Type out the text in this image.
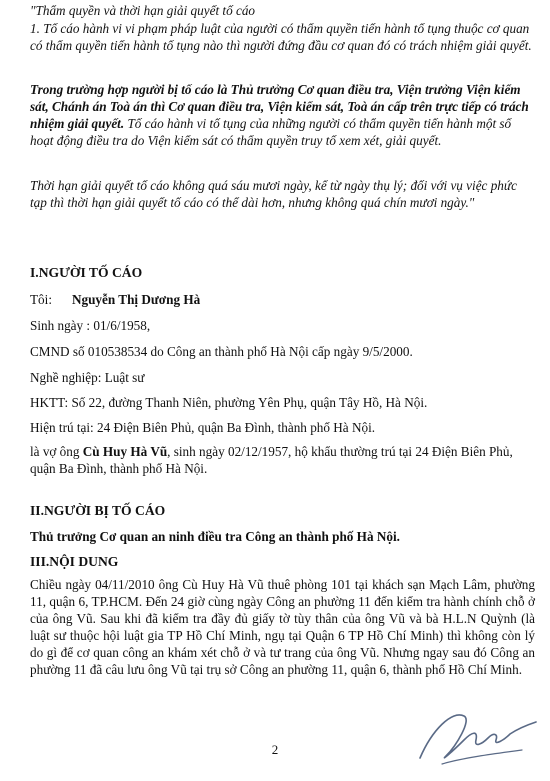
"Thẩm quyền và thời hạn giải quyết tố cáo

1. Tố cáo hành vi vi phạm pháp luật của người có thẩm quyền tiến hành tố tụng thuộc cơ quan có thẩm quyền tiến hành tố tụng nào thì người đứng đầu cơ quan đó có trách nhiệm giải quyết.

Trong trường hợp người bị tố cáo là Thủ trưởng Cơ quan điều tra, Viện trưởng Viện kiểm sát, Chánh án Toà án thì Cơ quan điều tra, Viện kiểm sát, Toà án cấp trên trực tiếp có trách nhiệm giải quyết. Tố cáo hành vi tố tụng của những người có thẩm quyền tiến hành một số hoạt động điều tra do Viện kiểm sát có thẩm quyền truy tố xem xét, giải quyết.

Thời hạn giải quyết tố cáo không quá sáu mươi ngày, kể từ ngày thụ lý; đối với vụ việc phức tạp thì thời hạn giải quyết tố cáo có thể dài hơn, nhưng không quá chín mươi ngày."

I.NGƯỜI TỐ CÁO

Tôi: Nguyễn Thị Dương Hà

Sinh ngày : 01/6/1958,

CMND số 010538534 do Công an thành phố Hà Nội cấp ngày 9/5/2000.

Nghề nghiệp: Luật sư

HKTT: Số 22, đường Thanh Niên, phường Yên Phụ, quận Tây Hồ, Hà Nội.

Hiện trú tại: 24 Điện Biên Phủ, quận Ba Đình, thành phố Hà Nội.

là vợ ông Cù Huy Hà Vũ, sinh ngày 02/12/1957, hộ khẩu thường trú tại 24 Điện Biên Phủ, quận Ba Đình, thành phố Hà Nội.

II.NGƯỜI BỊ TỐ CÁO

Thủ trưởng Cơ quan an ninh điều tra Công an thành phố Hà Nội.

III.NỘI DUNG

Chiều ngày 04/11/2010 ông Cù Huy Hà Vũ thuê phòng 101 tại khách sạn Mạch Lâm, phường 11, quận 6, TP.HCM. Đến 24 giờ cùng ngày Công an phường 11 đến kiểm tra hành chính chỗ ở của ông Vũ. Sau khi đã kiểm tra đầy đủ giấy tờ tùy thân của ông Vũ và bà H.L.N Quỳnh (là luật sư thuộc hội luật gia TP Hồ Chí Minh, ngụ tại Quận 6 TP Hồ Chí Minh) thì không còn lý do gì để cơ quan công an khám xét chỗ ở và tư trang của ông Vũ. Nhưng ngay sau đó Công an phường 11 đã câu lưu ông Vũ tại trụ sở Công an phường 11, quận 6, thành phố Hồ Chí Minh.

2
